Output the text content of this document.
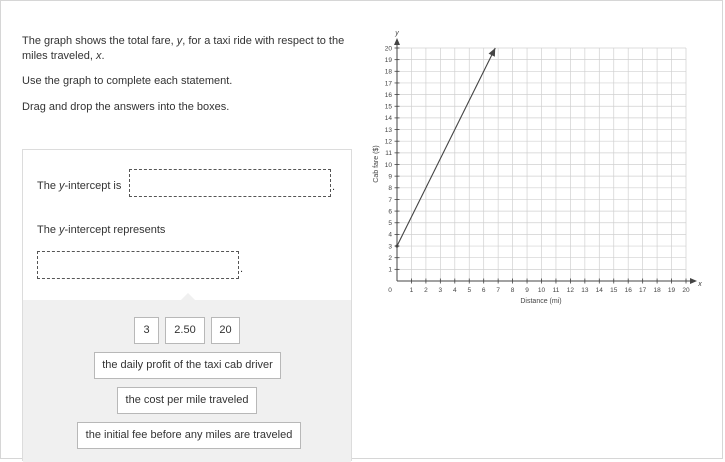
The graph shows the total fare, y, for a taxi ride with respect to the miles traveled, x.
Use the graph to complete each statement.
Drag and drop the answers into the boxes.
The y-intercept is	.
The y-intercept represents
.
3	2.50	20
the daily profit of the taxi cab driver
the cost per mile traveled
the initial fee before any miles are traveled
1 2 3 4 5 6 7 8 9 10 11 12 13 14 15 16 17 18 19 20
1
2
3
4
5
6
7
8
9
10
11
12
13
14
15
16
17
18
19
20
0
x
y
Distance (mi)
Cab fare ($)
